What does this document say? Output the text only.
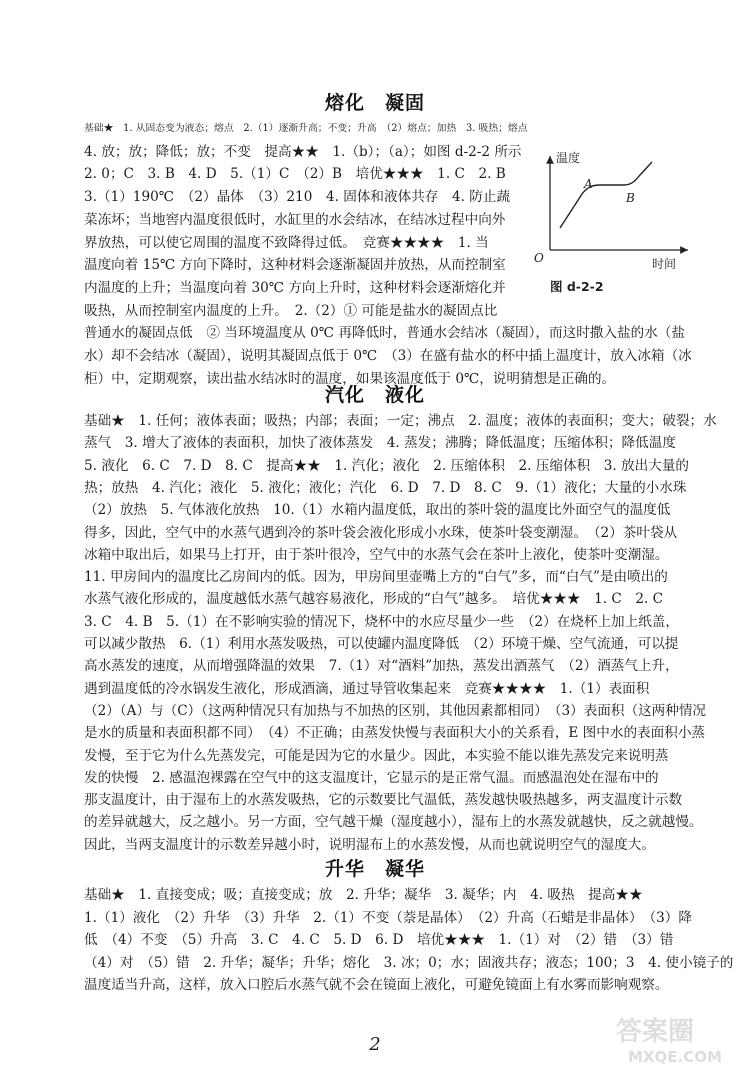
熔化　凝固
基础★　1. 从固态变为液态；熔点　2.（1）逐渐升高；不变；升高　（2）熔点；加热　3. 吸热；熔点
4. 放；放；降低；放；不变　提高★★　1.（b）；（a）；如图 d-2-2 所示
2. 0；C　3. B　4. D　5.（1）C　（2）B　培优★★★　1. C　2. B
3.（1）190℃　（2）晶体　（3）210　4. 固体和液体共存　4. 防止蔬
菜冻坏；当地窖内温度很低时，水缸里的水会结冰，在结冰过程中向外
界放热，可以使它周围的温度不致降得过低。　竞赛★★★★　1. 当
温度向着 15℃ 方向下降时，这种材料会逐渐凝固并放热，从而控制室
内温度的上升；当温度向着 30℃ 方向上升时，这种材料会逐渐熔化并
吸热，从而控制室内温度的上升。　2.（2）① 可能是盐水的凝固点比
普通水的凝固点低　② 当环境温度从 0℃ 再降低时，普通水会结冰（凝固），而这时撒入盐的水（盐
水）却不会结冰（凝固），说明其凝固点低于 0℃　（3）在盛有盐水的杯中插上温度计，放入冰箱（冰
柜）中，定期观察，读出盐水结冰时的温度，如果该温度低于 0℃，说明猜想是正确的。
温度
时间
O
A
B
图 d-2-2
汽化　液化
基础★　1. 任何；液体表面；吸热；内部；表面；一定；沸点　2. 温度；液体的表面积；变大；破裂；水
蒸气　3. 增大了液体的表面积，加快了液体蒸发　4. 蒸发；沸腾；降低温度；压缩体积；降低温度
5. 液化　6. C　7. D　8. C　提高★★　1. 汽化；液化　2. 压缩体积　2. 压缩体积　3. 放出大量的
热；放热　4. 汽化；液化　5. 液化；液化；汽化　6. D　7. D　8. C　9.（1）液化；大量的小水珠
（2）放热　5. 气体液化放热　10.（1）水箱内温度低，取出的茶叶袋的温度比外面空气的温度低
得多，因此，空气中的水蒸气遇到冷的茶叶袋会液化形成小水珠，使茶叶袋变潮湿。　（2）茶叶袋从
冰箱中取出后，如果马上打开，由于茶叶很冷，空气中的水蒸气会在茶叶上液化，使茶叶变潮湿。
11. 甲房间内的温度比乙房间内的低。因为，甲房间里壶嘴上方的“白气”多，而“白气”是由喷出的
水蒸气液化形成的，温度越低水蒸气越容易液化，形成的“白气”越多。　培优★★★　1. C　2. C
3. C　4. B　5.（1）在不影响实验的情况下，烧杯中的水应尽量少一些　（2）在烧杯上加上纸盖，
可以减少散热　6.（1）利用水蒸发吸热，可以使罐内温度降低　（2）环境干燥、空气流通，可以提
高水蒸发的速度，从而增强降温的效果　7.（1）对“酒料”加热，蒸发出酒蒸气　（2）酒蒸气上升，
遇到温度低的冷水锅发生液化，形成酒滴，通过导管收集起来　竞赛★★★★　1.（1）表面积
（2）（A）与（C）（这两种情况只有加热与不加热的区别，其他因素都相同）　（3）表面积（这两种情况
是水的质量和表面积都不同）　（4）不正确；由蒸发快慢与表面积大小的关系看，E 图中水的表面积小蒸
发慢，至于它为什么先蒸发完，可能是因为它的水量少。因此，本实验不能以谁先蒸发完来说明蒸
发的快慢　2. 感温泡裸露在空气中的这支温度计，它显示的是正常气温。而感温泡处在湿布中的
那支温度计，由于湿布上的水蒸发吸热，它的示数要比气温低，蒸发越快吸热越多，两支温度计示数
的差异就越大，反之越小。另一方面，空气越干燥（湿度越小），湿布上的水蒸发就越快，反之就越慢。
因此，当两支温度计的示数差异越小时，说明湿布上的水蒸发慢，从而也就说明空气的湿度大。
升华　凝华
基础★　1. 直接变成；吸；直接变成；放　2. 升华；凝华　3. 凝华；内　4. 吸热　提高★★
1.（1）液化　（2）升华　（3）升华　2.（1）不变（萘是晶体）　（2）升高（石蜡是非晶体）　（3）降
低　（4）不变　（5）升高　3. C　4. C　5. D　6. D　培优★★★　1.（1）对　（2）错　（3）错
（4）对　（5）错　2. 升华；凝华；升华；熔化　3. 冰；0；水；固液共存；液态；100；3　4. 使小镜子的
温度适当升高，这样，放入口腔后水蒸气就不会在镜面上液化，可避免镜面上有水雾而影响观察。
2	答案圈
MXQE.COM
